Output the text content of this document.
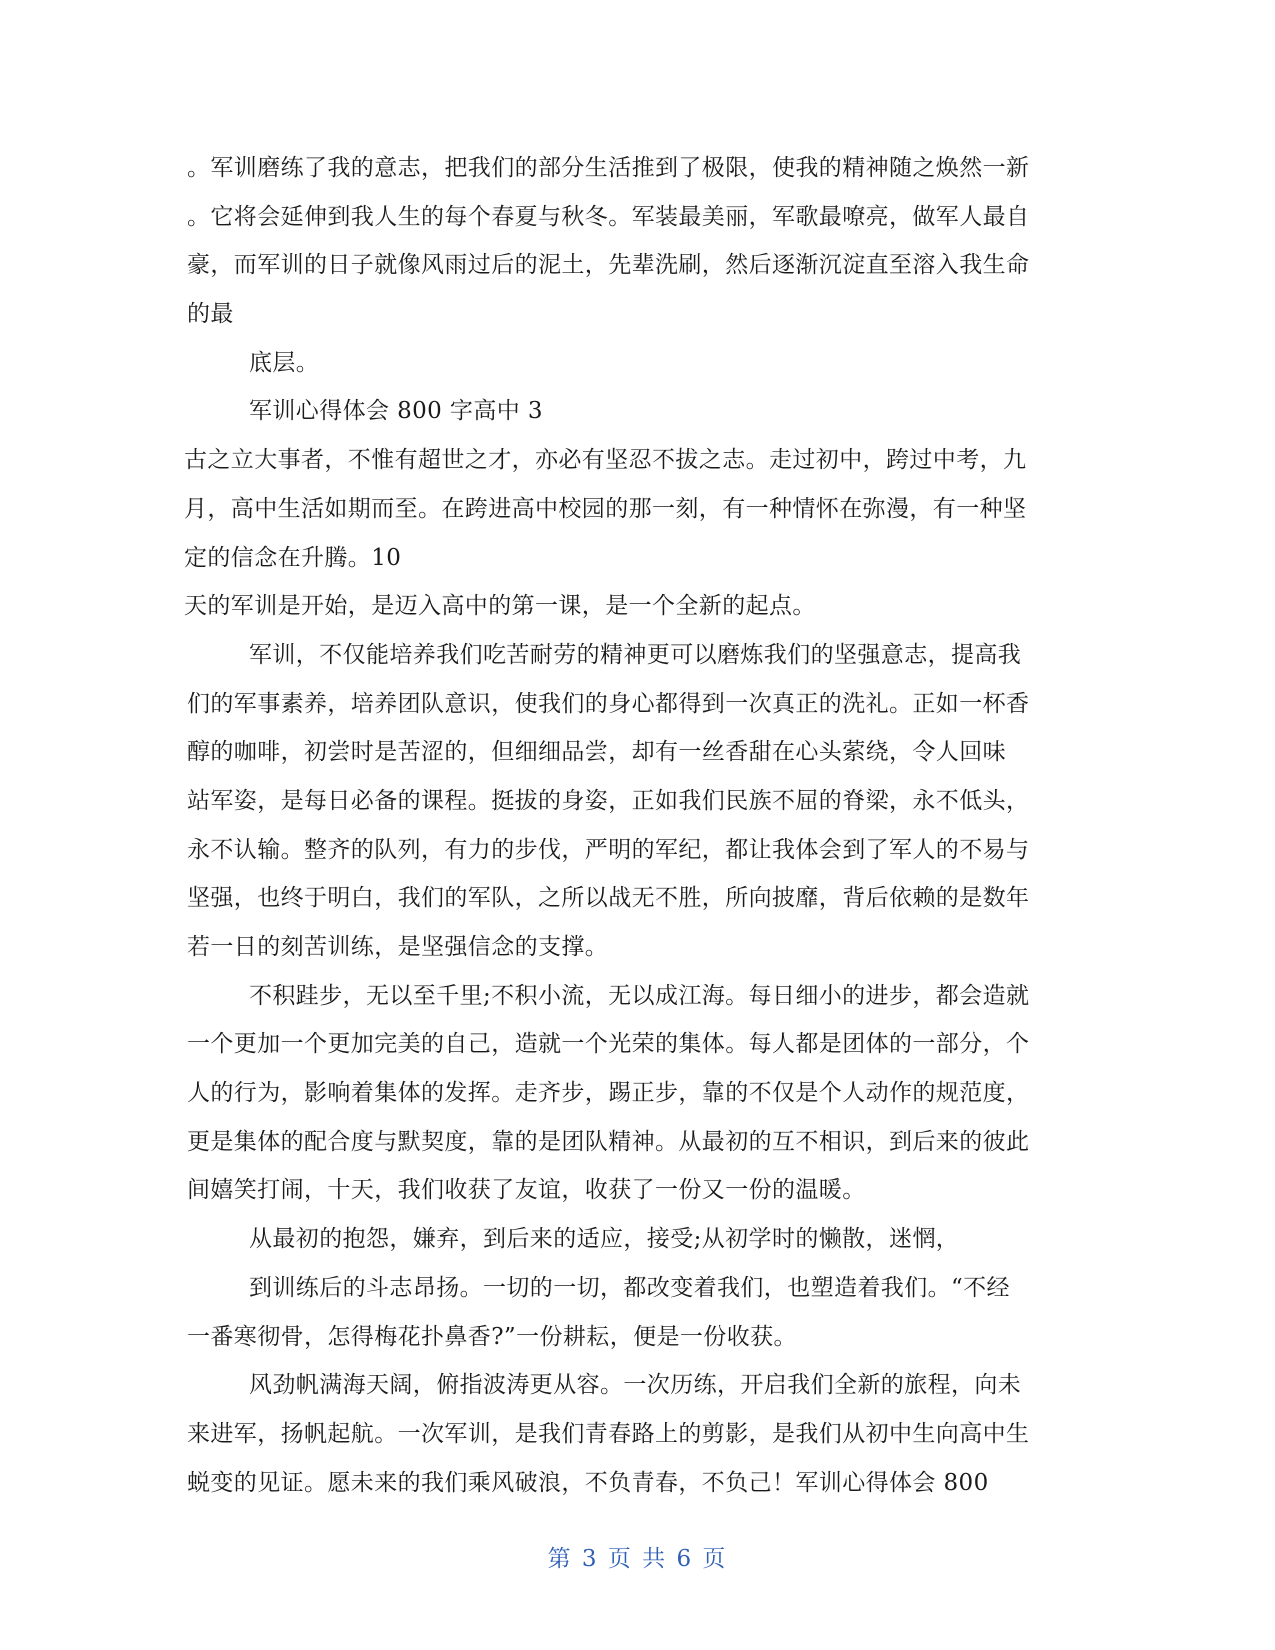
。军训磨练了我的意志，把我们的部分生活推到了极限，使我的精神随之焕然一新
。它将会延伸到我人生的每个春夏与秋冬。军装最美丽，军歌最嘹亮，做军人最自
豪，而军训的日子就像风雨过后的泥土，先辈洗刷，然后逐渐沉淀直至溶入我生命
的最
底层。
军训心得体会 800 字高中 3
古之立大事者，不惟有超世之才，亦必有坚忍不拔之志。走过初中，跨过中考，九
月，高中生活如期而至。在跨进高中校园的那一刻，有一种情怀在弥漫，有一种坚
定的信念在升腾。10
天的军训是开始，是迈入高中的第一课，是一个全新的起点。
军训，不仅能培养我们吃苦耐劳的精神更可以磨炼我们的坚强意志，提高我
们的军事素养，培养团队意识，使我们的身心都得到一次真正的洗礼。正如一杯香
醇的咖啡，初尝时是苦涩的，但细细品尝，却有一丝香甜在心头萦绕，令人回味
站军姿，是每日必备的课程。挺拔的身姿，正如我们民族不屈的脊梁，永不低头，
永不认输。整齐的队列，有力的步伐，严明的军纪，都让我体会到了军人的不易与
坚强，也终于明白，我们的军队，之所以战无不胜，所向披靡，背后依赖的是数年
若一日的刻苦训练，是坚强信念的支撑。
不积跬步，无以至千里;不积小流，无以成江海。每日细小的进步，都会造就
一个更加一个更加完美的自己，造就一个光荣的集体。每人都是团体的一部分，个
人的行为，影响着集体的发挥。走齐步，踢正步，靠的不仅是个人动作的规范度，
更是集体的配合度与默契度，靠的是团队精神。从最初的互不相识，到后来的彼此
间嬉笑打闹，十天，我们收获了友谊，收获了一份又一份的温暖。
从最初的抱怨，嫌弃，到后来的适应，接受;从初学时的懒散，迷惘，
到训练后的斗志昂扬。一切的一切，都改变着我们，也塑造着我们。“不经
一番寒彻骨，怎得梅花扑鼻香?”一份耕耘，便是一份收获。
风劲帆满海天阔，俯指波涛更从容。一次历练，开启我们全新的旅程，向未
来进军，扬帆起航。一次军训，是我们青春路上的剪影，是我们从初中生向高中生
蜕变的见证。愿未来的我们乘风破浪，不负青春，不负己！军训心得体会 800
第 3 页 共 6 页
